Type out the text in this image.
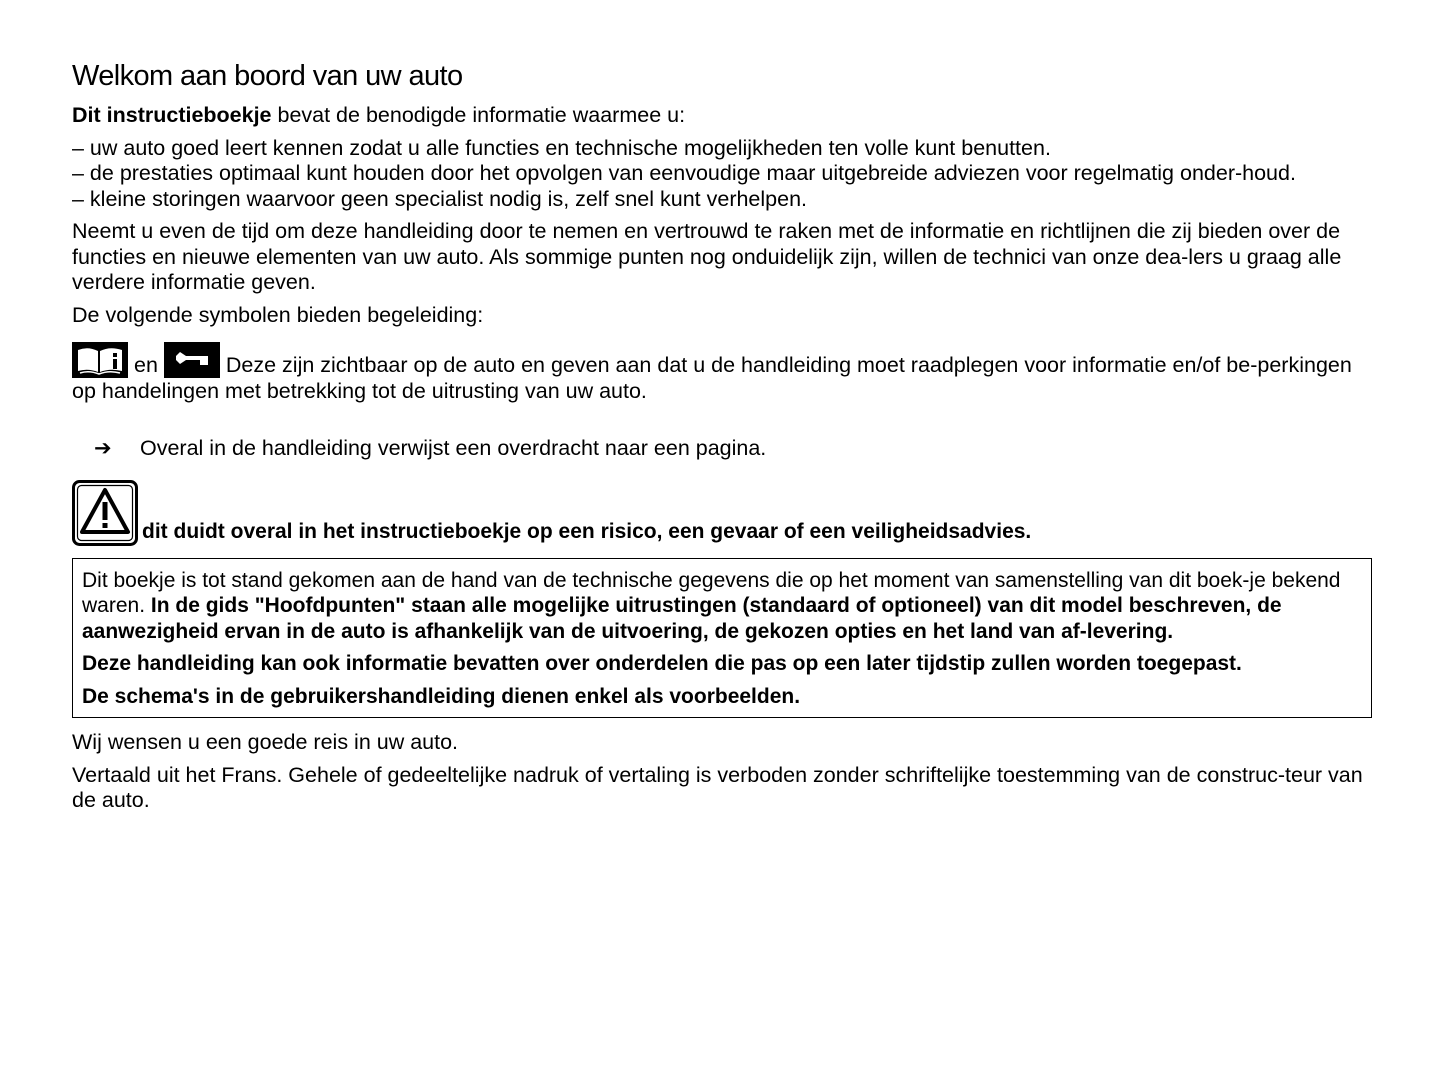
Welkom aan boord van uw auto

Dit instructieboekje bevat de benodigde informatie waarmee u:

– uw auto goed leert kennen zodat u alle functies en technische mogelijkheden ten volle kunt benutten.
– de prestaties optimaal kunt houden door het opvolgen van eenvoudige maar uitgebreide adviezen voor regelmatig onder-houd.
– kleine storingen waarvoor geen specialist nodig is, zelf snel kunt verhelpen.

Neemt u even de tijd om deze handleiding door te nemen en vertrouwd te raken met de informatie en richtlijnen die zij bieden over de functies en nieuwe elementen van uw auto. Als sommige punten nog onduidelijk zijn, willen de technici van onze dea-lers u graag alle verdere informatie geven.

De volgende symbolen bieden begeleiding:

en	Deze zijn zichtbaar op de auto en geven aan dat u de handleiding moet raadplegen voor informatie en/of be-perkingen op handelingen met betrekking tot de uitrusting van uw auto.

➔ Overal in de handleiding verwijst een overdracht naar een pagina.
dit duidt overal in het instructieboekje op een risico, een gevaar of een veiligheidsadvies.

Dit boekje is tot stand gekomen aan de hand van de technische gegevens die op het moment van samenstelling van dit boek-je bekend waren. In de gids "Hoofdpunten" staan alle mogelijke uitrustingen (standaard of optioneel) van dit model beschreven, de aanwezigheid ervan in de auto is afhankelijk van de uitvoering, de gekozen opties en het land van af-levering.

Deze handleiding kan ook informatie bevatten over onderdelen die pas op een later tijdstip zullen worden toegepast.

De schema's in de gebruikershandleiding dienen enkel als voorbeelden.

Wij wensen u een goede reis in uw auto.

Vertaald uit het Frans. Gehele of gedeeltelijke nadruk of vertaling is verboden zonder schriftelijke toestemming van de construc-teur van de auto.
